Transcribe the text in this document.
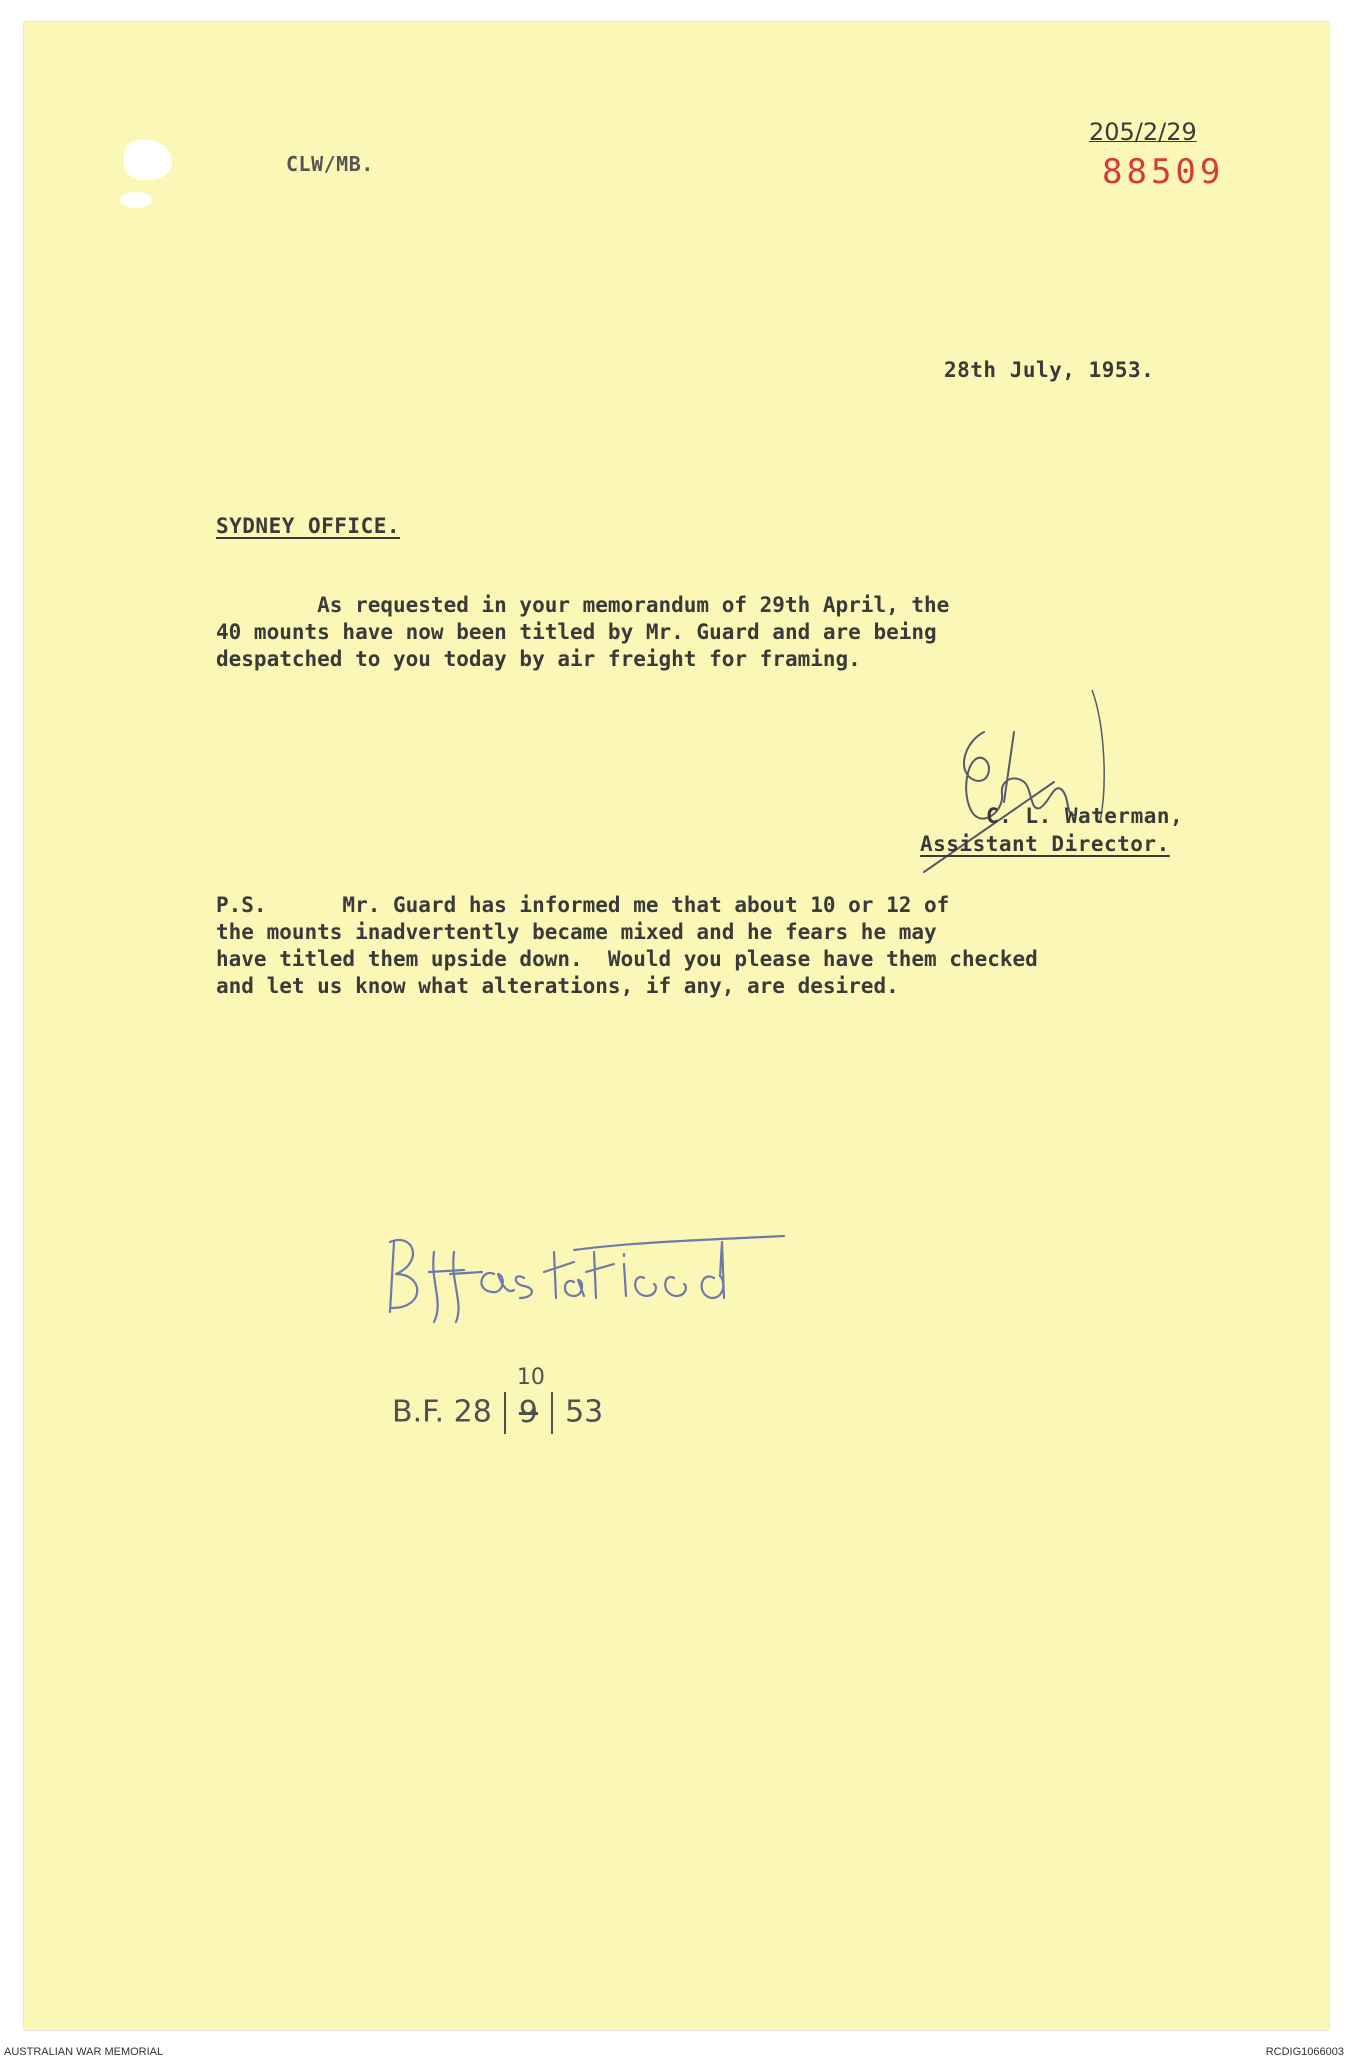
CLW/MB.
205/2/29
88509
28th July, 1953.
SYDNEY OFFICE.
As requested in your memorandum of 29th April, the
40 mounts have now been titled by Mr. Guard and are being
despatched to you today by air freight for framing.
C. L. Waterman,
Assistant Director.
P.S.      Mr. Guard has informed me that about 10 or 12 of
the mounts inadvertently became mixed and he fears he may
have titled them upside down.  Would you please have them checked
and let us know what alterations, if any, are desired.
B.F. 28
10
9 53
AUSTRALIAN WAR MEMORIAL	RCDIG1066003
